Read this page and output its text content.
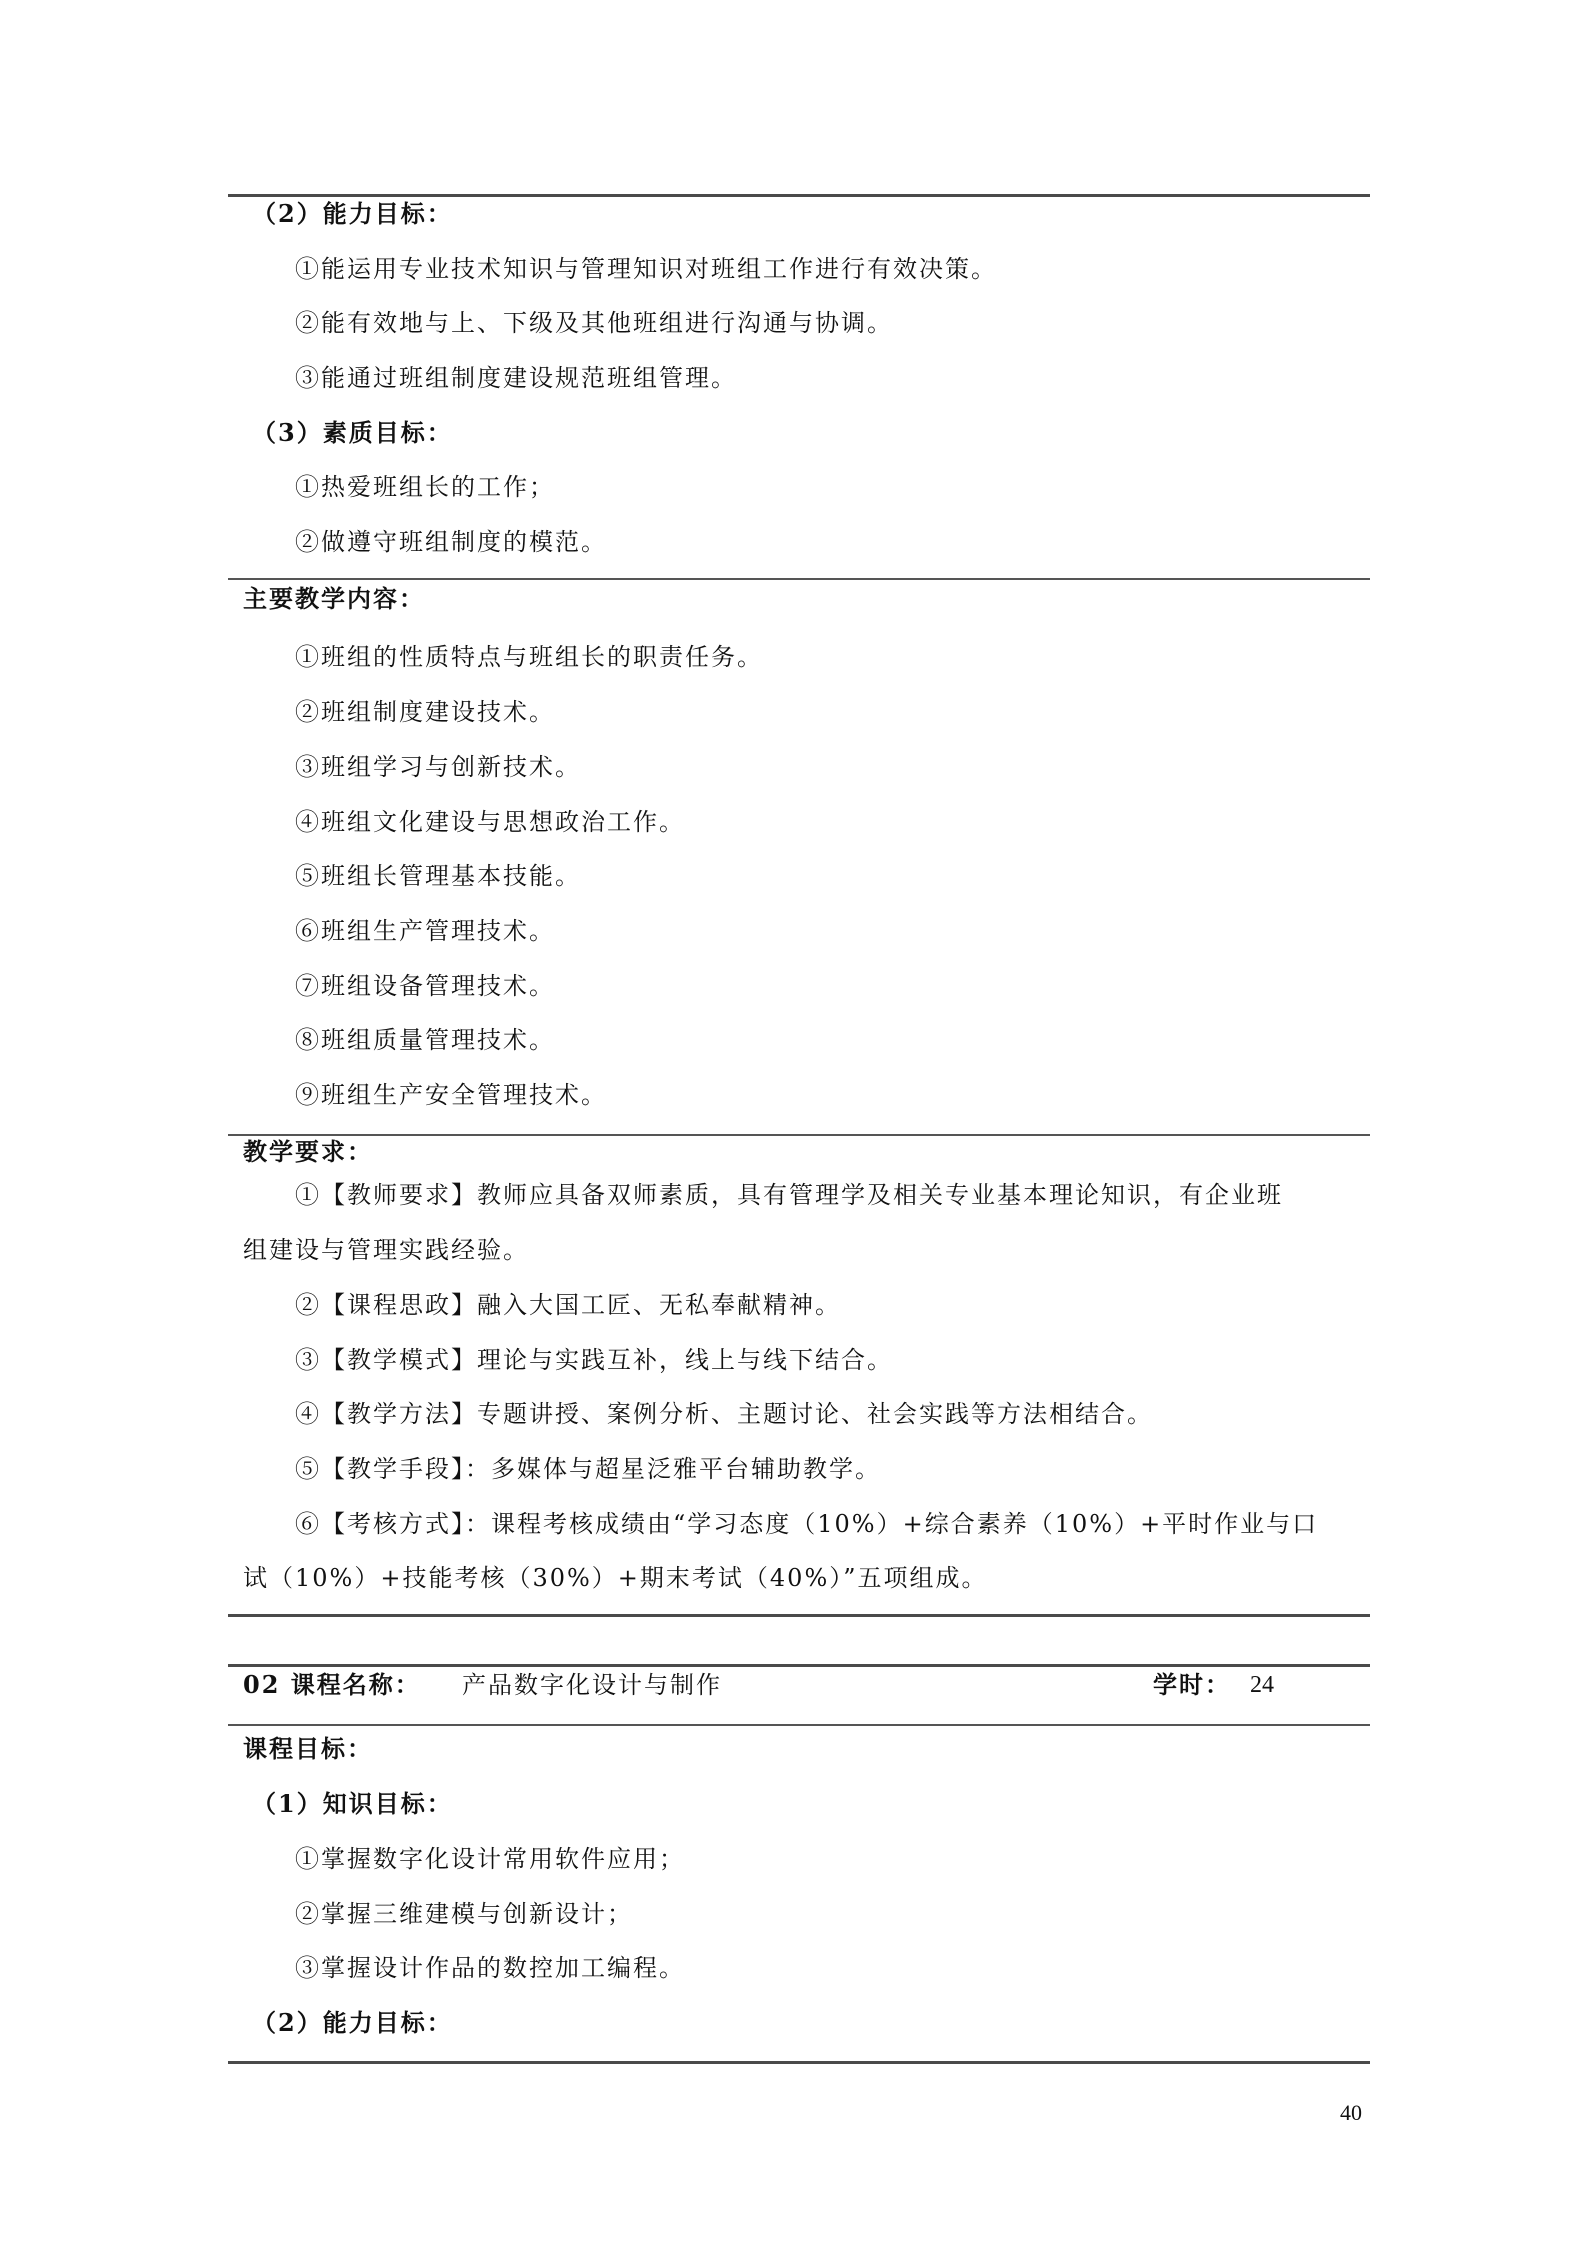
（2）能力目标：
①能运用专业技术知识与管理知识对班组工作进行有效决策。
②能有效地与上、下级及其他班组进行沟通与协调。
③能通过班组制度建设规范班组管理。
（3）素质目标：
①热爱班组长的工作；
②做遵守班组制度的模范。
主要教学内容：
①班组的性质特点与班组长的职责任务。
②班组制度建设技术。
③班组学习与创新技术。
④班组文化建设与思想政治工作。
⑤班组长管理基本技能。
⑥班组生产管理技术。
⑦班组设备管理技术。
⑧班组质量管理技术。
⑨班组生产安全管理技术。
教学要求：
①【教师要求】教师应具备双师素质，具有管理学及相关专业基本理论知识，有企业班
组建设与管理实践经验。
②【课程思政】融入大国工匠、无私奉献精神。
③【教学模式】理论与实践互补，线上与线下结合。
④【教学方法】专题讲授、案例分析、主题讨论、社会实践等方法相结合。
⑤【教学手段】：多媒体与超星泛雅平台辅助教学。
⑥【考核方式】：课程考核成绩由“学习态度（10%）+综合素养（10%）+平时作业与口
试（10%）+技能考核（30%）+期末考试（40%）”五项组成。
02 课程名称： 产品数字化设计与制作	学时： 24
课程目标：
（1）知识目标：
①掌握数字化设计常用软件应用；
②掌握三维建模与创新设计；
③掌握设计作品的数控加工编程。
（2）能力目标：
40
